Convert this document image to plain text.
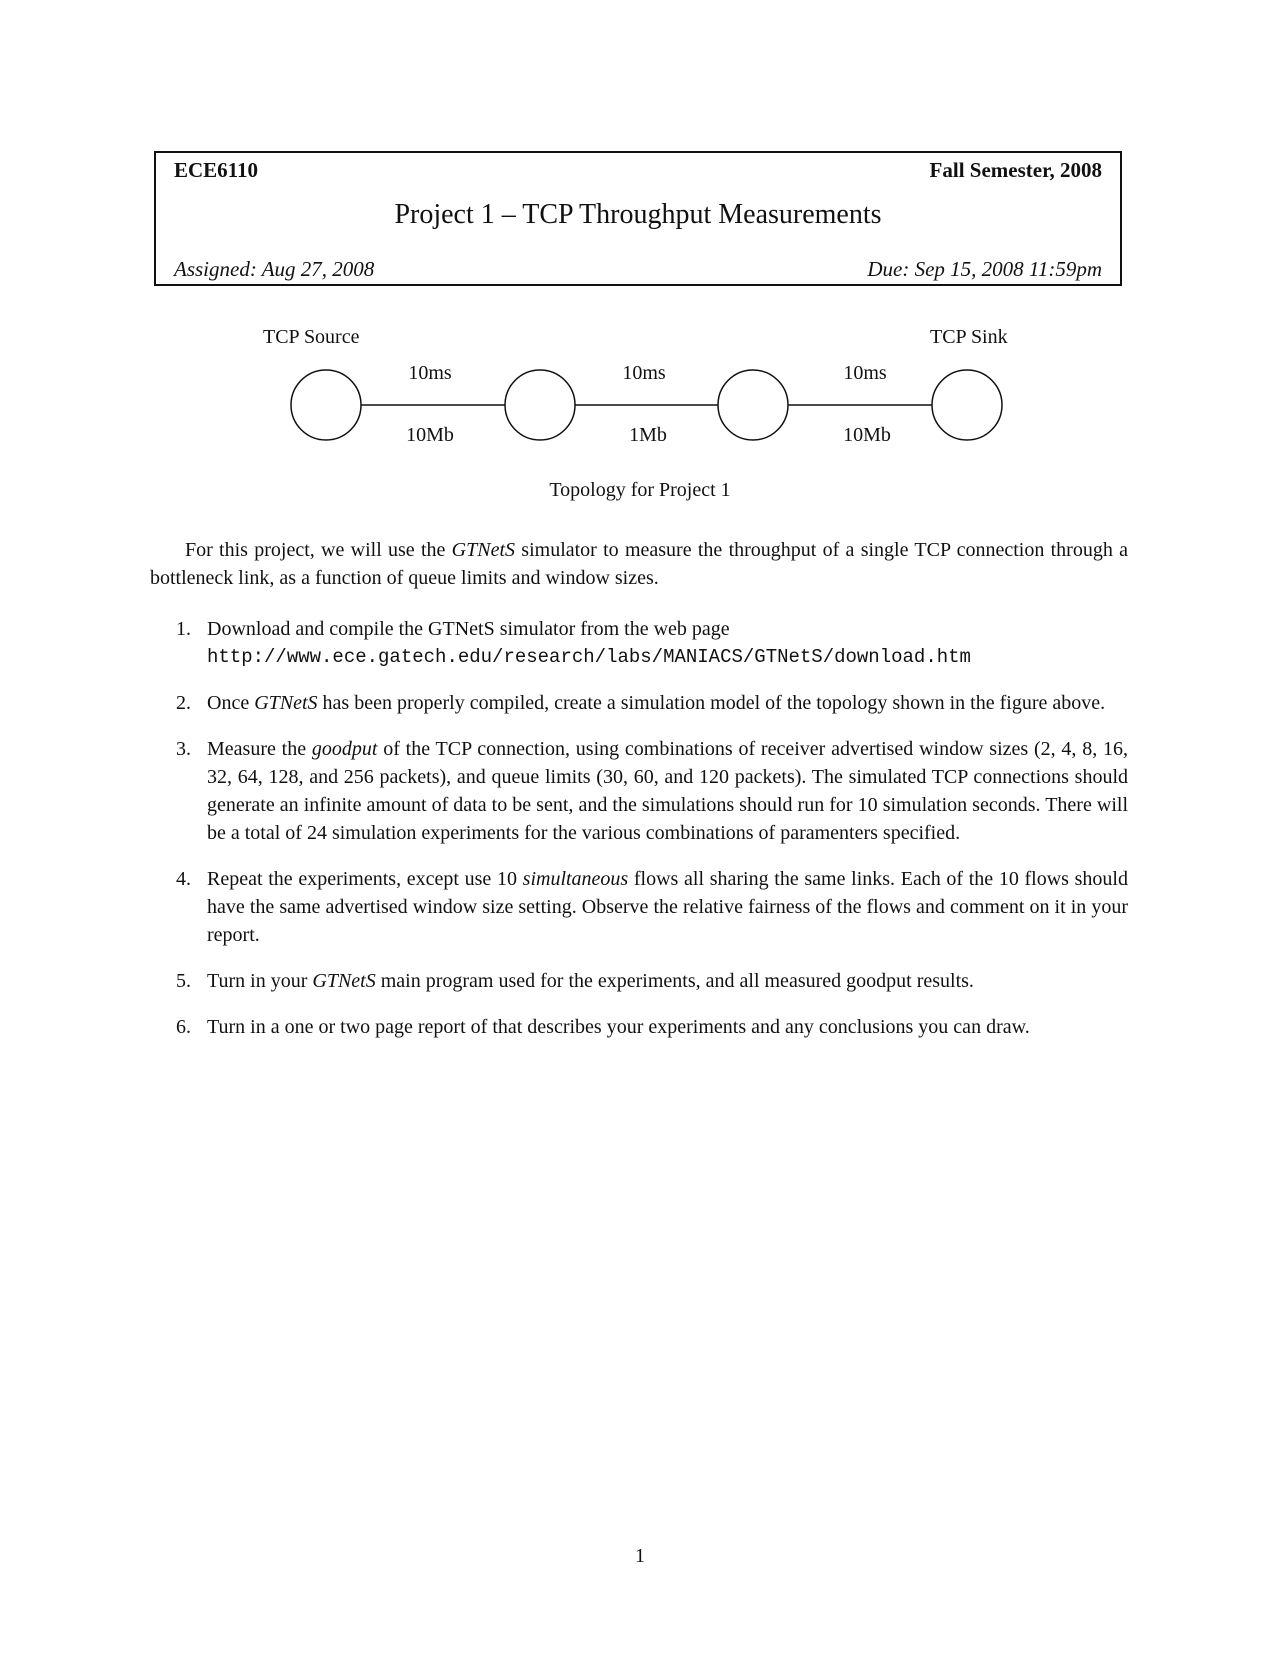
ECE6110	Fall Semester, 2008
Project 1 – TCP Throughput Measurements
Assigned: Aug 27, 2008	Due: Sep 15, 2008 11:59pm
TCP Source	TCP Sink
10ms
10Mb
10ms
1Mb
10ms
10Mb
Topology for Project 1

For this project, we will use the GTNetS simulator to measure the throughput of a single TCP connection through a bottleneck link, as a function of queue limits and window sizes.

1. Download and compile the GTNetS simulator from the web page
http://www.ece.gatech.edu/research/labs/MANIACS/GTNetS/download.htm
2. Once GTNetS has been properly compiled, create a simulation model of the topology shown in the figure above.
3. Measure the goodput of the TCP connection, using combinations of receiver advertised window sizes (2, 4, 8, 16, 32, 64, 128, and 256 packets), and queue limits (30, 60, and 120 packets). The simulated TCP connections should generate an infinite amount of data to be sent, and the simulations should run for 10 simulation seconds. There will be a total of 24 simulation experiments for the various combinations of paramenters specified.
4. Repeat the experiments, except use 10 simultaneous flows all sharing the same links. Each of the 10 flows should have the same advertised window size setting. Observe the relative fairness of the flows and comment on it in your report.
5. Turn in your GTNetS main program used for the experiments, and all measured goodput results.
6. Turn in a one or two page report of that describes your experiments and any conclusions you can draw.
1
